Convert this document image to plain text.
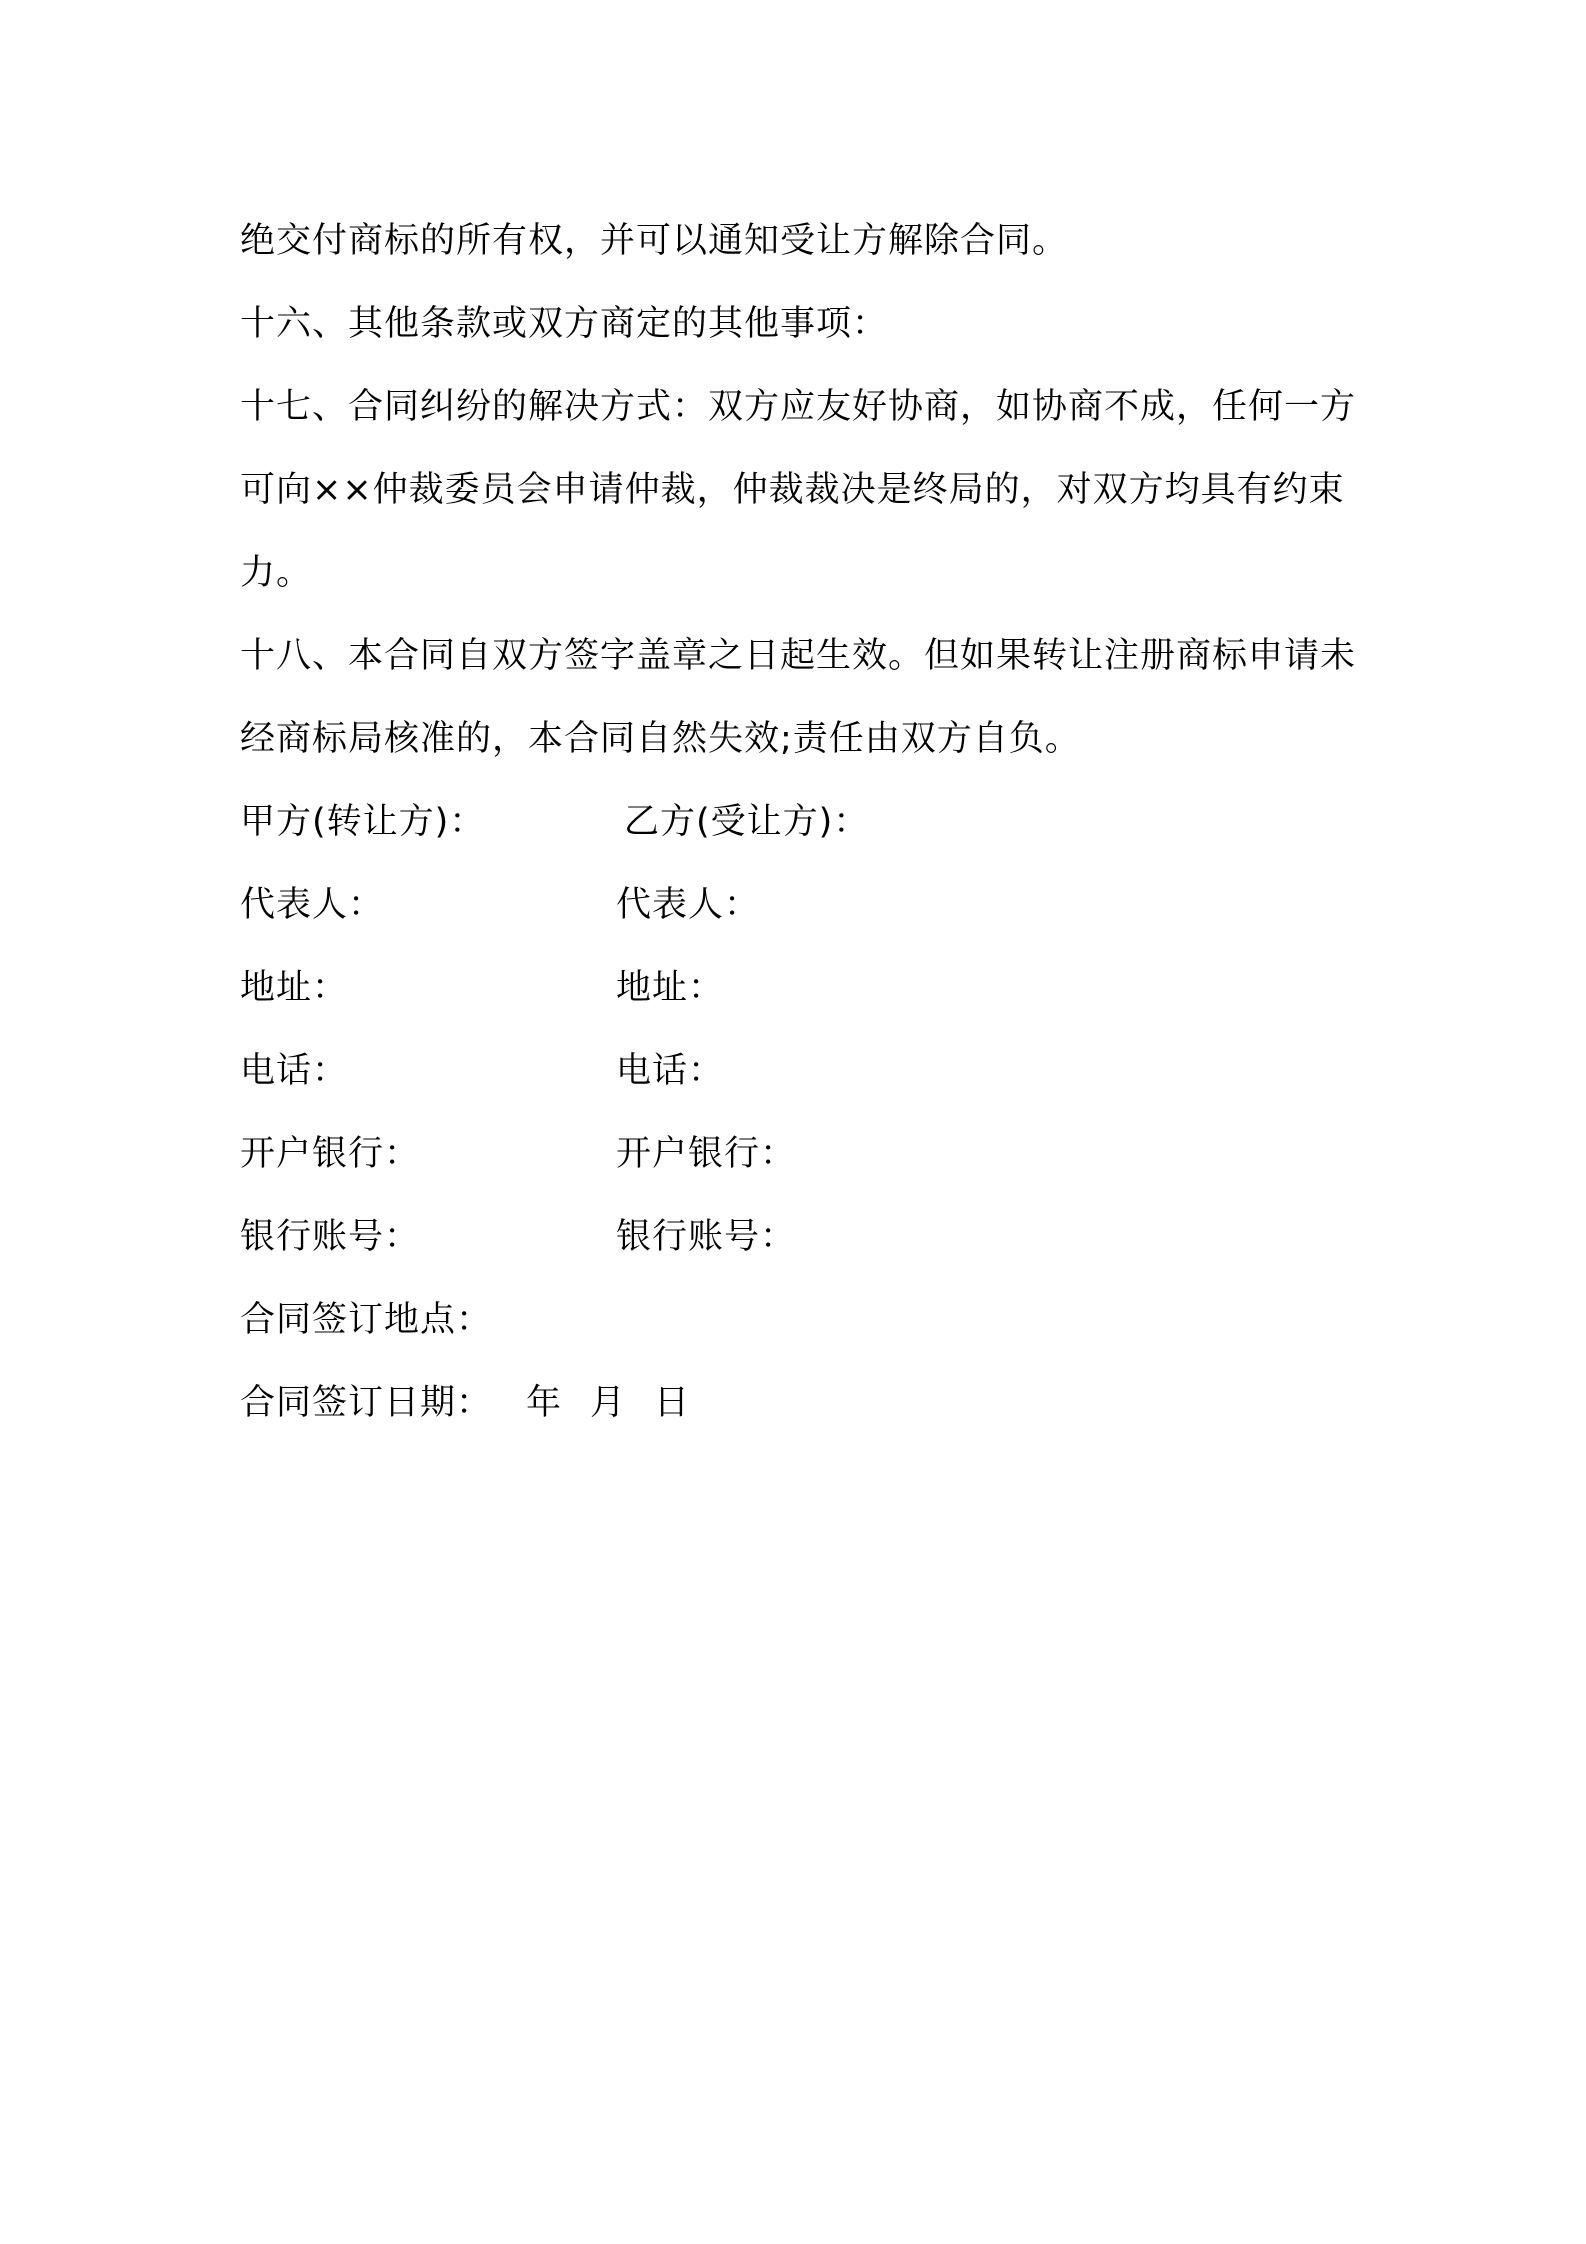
绝交付商标的所有权，并可以通知受让方解除合同。

十六、其他条款或双方商定的其他事项：

十七、合同纠纷的解决方式：双方应友好协商，如协商不成，任何一方可向××仲裁委员会申请仲裁，仲裁裁决是终局的，对双方均具有约束力。

十八、本合同自双方签字盖章之日起生效。但如果转让注册商标申请未经商标局核准的，本合同自然失效;责任由双方自负。

甲方(转让方)：	乙方(受让方)：
代表人：	代表人：
地址：	地址：
电话：	电话：
开户银行：	开户银行：
银行账号：	银行账号：
合同签订地点：
合同签订日期： 年 月 日
